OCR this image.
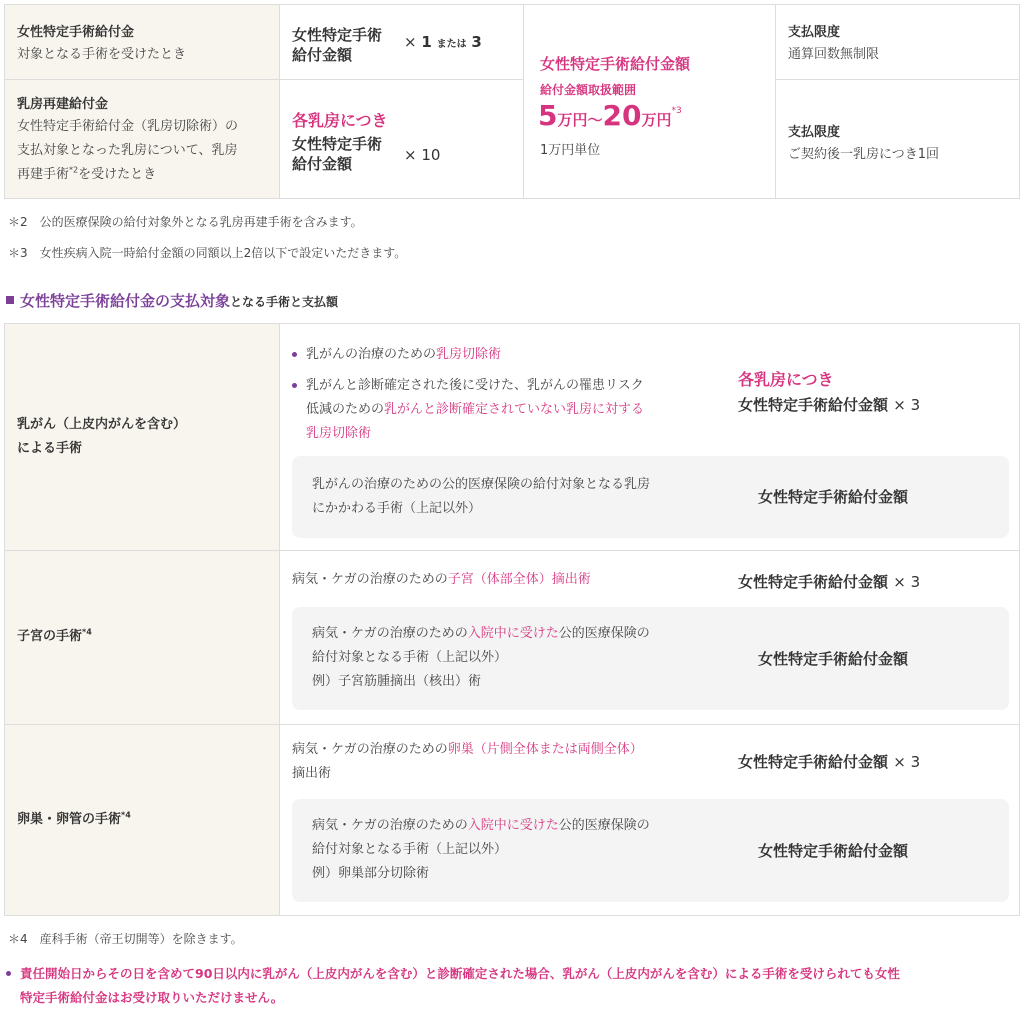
女性特定手術給付金
対象となる手術を受けたとき
乳房再建給付金
女性特定手術給付金（乳房切除術）の
支払対象となった乳房について、乳房
再建手術$^{*2}$を受けたとき
女性特定手術
給付金額
× 1 または 3
各乳房につき
女性特定手術
給付金額	× 10
女性特定手術給付金額
給付金額取扱範囲
5万円～20万円$^{*3}$
1万円単位
支払限度
通算回数無制限
支払限度
ご契約後一乳房につき1回
＊2　公的医療保険の給付対象外となる乳房再建手術を含みます。
＊3　女性疾病入院一時給付金額の同額以上2倍以下で設定いただきます。
女性特定手術給付金の支払対象となる手術と支払額
乳がん（上皮内がんを含む）
による手術
乳がんの治療のための乳房切除術
乳がんと診断確定された後に受けた、乳がんの罹患リスク
低減のための乳がんと診断確定されていない乳房に対する
乳房切除術
各乳房につき
女性特定手術給付金額 × 3
乳がんの治療のための公的医療保険の給付対象となる乳房
にかかわる手術（上記以外）
女性特定手術給付金額
子宮の手術$^{*4}$
病気・ケガの治療のための子宮（体部全体）摘出術	女性特定手術給付金額 × 3
病気・ケガの治療のための入院中に受けた公的医療保険の
給付対象となる手術（上記以外）
例）子宮筋腫摘出（核出）術
女性特定手術給付金額
卵巣・卵管の手術$^{*4}$
病気・ケガの治療のための卵巣（片側全体または両側全体）
摘出術
女性特定手術給付金額 × 3
病気・ケガの治療のための入院中に受けた公的医療保険の
給付対象となる手術（上記以外）
例）卵巣部分切除術
女性特定手術給付金額
＊4　産科手術（帝王切開等）を除きます。
責任開始日からその日を含めて90日以内に乳がん（上皮内がんを含む）と診断確定された場合、乳がん（上皮内がんを含む）による手術を受けられても女性
特定手術給付金はお受け取りいただけません。
